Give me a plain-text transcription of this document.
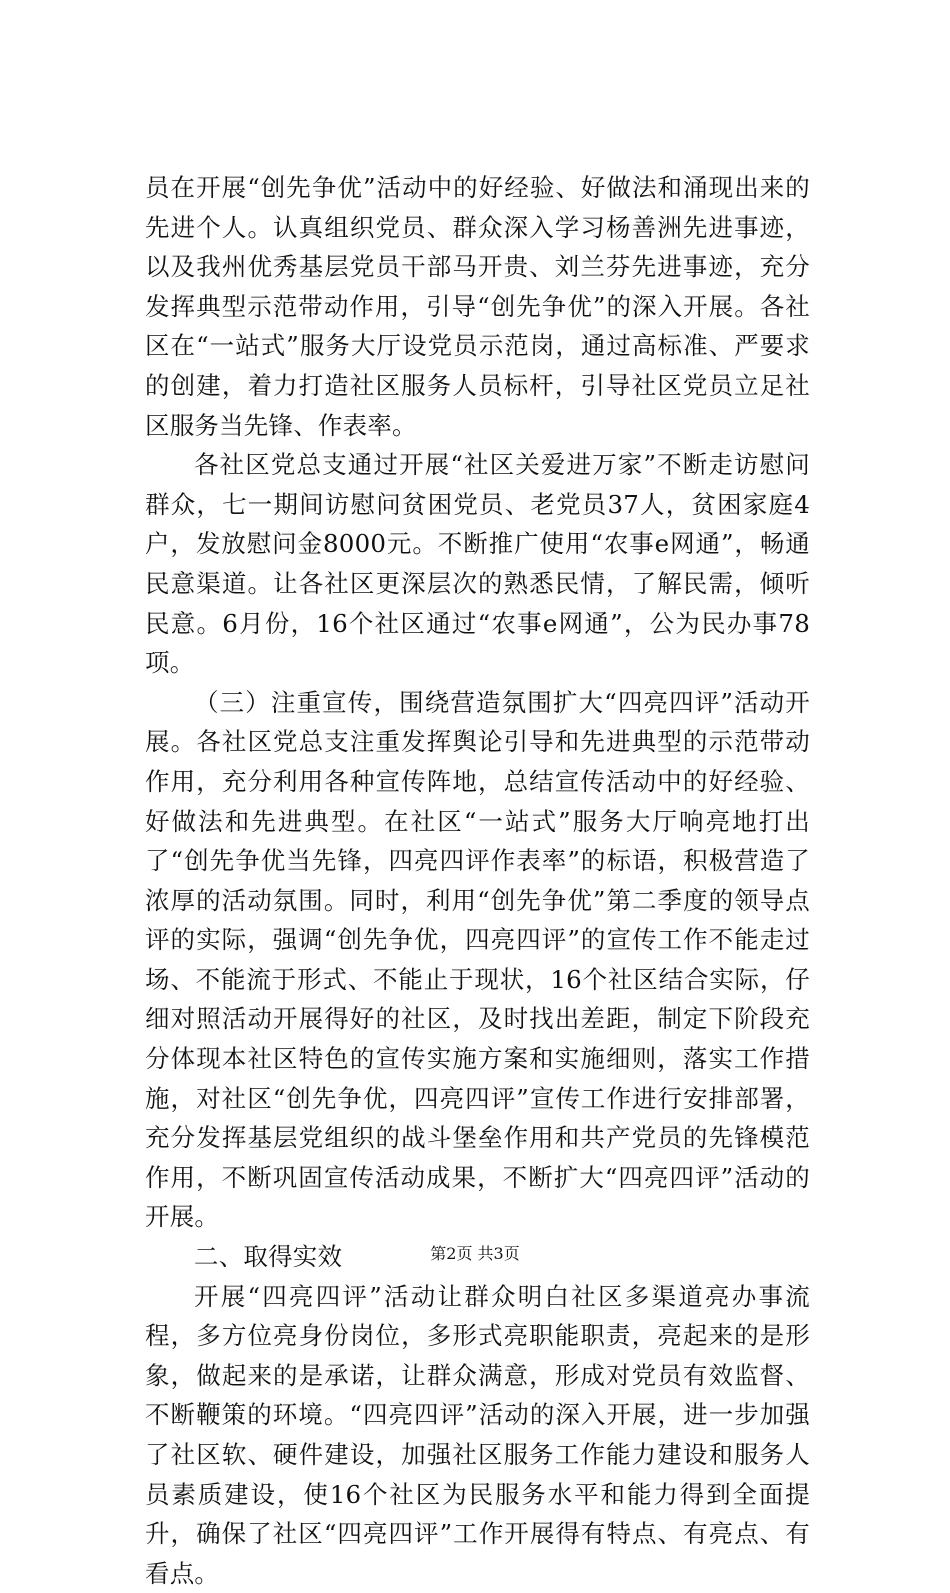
员在开展“创先争优”活动中的好经验、好做法和涌现出来的先进个人。认真组织党员、群众深入学习杨善洲先进事迹，以及我州优秀基层党员干部马开贵、刘兰芬先进事迹，充分发挥典型示范带动作用，引导“创先争优”的深入开展。各社区在“一站式”服务大厅设党员示范岗，通过高标准、严要求的创建，着力打造社区服务人员标杆，引导社区党员立足社区服务当先锋、作表率。

各社区党总支通过开展“社区关爱进万家”不断走访慰问群众，七一期间访慰问贫困党员、老党员37人，贫困家庭4户，发放慰问金8000元。不断推广使用“农事e网通”，畅通民意渠道。让各社区更深层次的熟悉民情，了解民需，倾听民意。6月份，16个社区通过“农事e网通”，公为民办事78项。

（三）注重宣传，围绕营造氛围扩大“四亮四评”活动开展。各社区党总支注重发挥舆论引导和先进典型的示范带动作用，充分利用各种宣传阵地，总结宣传活动中的好经验、好做法和先进典型。在社区“一站式”服务大厅响亮地打出了“创先争优当先锋，四亮四评作表率”的标语，积极营造了浓厚的活动氛围。同时，利用“创先争优”第二季度的领导点评的实际，强调“创先争优，四亮四评”的宣传工作不能走过场、不能流于形式、不能止于现状，16个社区结合实际，仔细对照活动开展得好的社区，及时找出差距，制定下阶段充分体现本社区特色的宣传实施方案和实施细则，落实工作措施，对社区“创先争优，四亮四评”宣传工作进行安排部署，充分发挥基层党组织的战斗堡垒作用和共产党员的先锋模范作用，不断巩固宣传活动成果，不断扩大“四亮四评”活动的开展。

二、取得实效

开展“四亮四评”活动让群众明白社区多渠道亮办事流程，多方位亮身份岗位，多形式亮职能职责，亮起来的是形象，做起来的是承诺，让群众满意，形成对党员有效监督、不断鞭策的环境。“四亮四评”活动的深入开展，进一步加强了社区软、硬件建设，加强社区服务工作能力建设和服务人员素质建设，使16个社区为民服务水平和能力得到全面提升，确保了社区“四亮四评”工作开展得有特点、有亮点、有看点。

第2页 共3页
